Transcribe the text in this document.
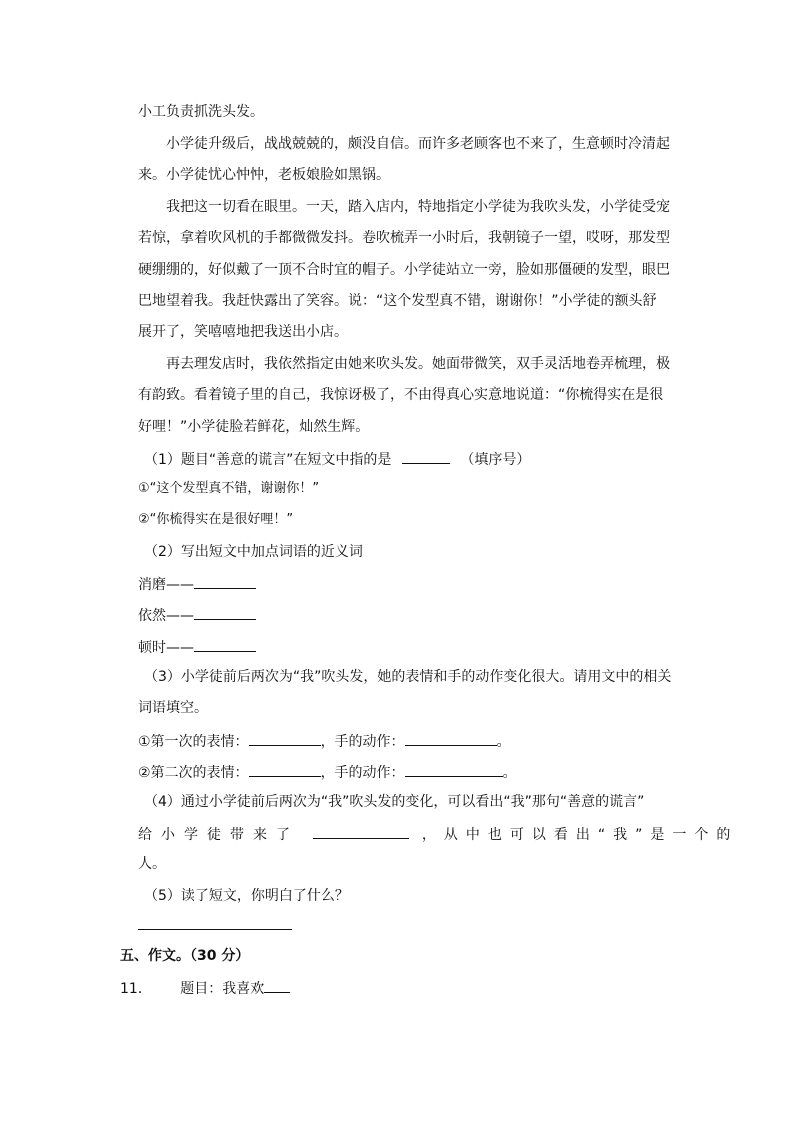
小工负责抓洗头发。
小学徒升级后，战战兢兢的，颇没自信。而许多老顾客也不来了，生意顿时冷清起
来。小学徒忧心忡忡，老板娘脸如黑锅。
我把这一切看在眼里。一天，踏入店内，特地指定小学徒为我吹头发，小学徒受宠
若惊，拿着吹风机的手都微微发抖。卷吹梳弄一小时后，我朝镜子一望，哎呀，那发型
硬绷绷的，好似戴了一顶不合时宜的帽子。小学徒站立一旁，脸如那僵硬的发型，眼巴
巴地望着我。我赶快露出了笑容。说：“这个发型真不错，谢谢你！”小学徒的额头舒
展开了，笑嘻嘻地把我送出小店。
再去理发店时，我依然指定由她来吹头发。她面带微笑，双手灵活地卷弄梳理，极
有韵致。看着镜子里的自己，我惊讶极了，不由得真心实意地说道：“你梳得实在是很
好哩！”小学徒脸若鲜花，灿然生辉。
（1）题目“善意的谎言”在短文中指的是	（填序号）
①“这个发型真不错，谢谢你！”
②“你梳得实在是很好哩！”
（2）写出短文中加点词语的近义词
消磨——
依然——
顿时——
（3）小学徒前后两次为“我”吹头发，她的表情和手的动作变化很大。请用文中的相关
词语填空。
①第一次的表情：	，手的动作：	。
②第二次的表情：	，手的动作：	。
（4）通过小学徒前后两次为“我”吹头发的变化，可以看出“我”那句“善意的谎言”
给小学徒带来了	，从中也可以看出“我”是一个的
人。
（5）读了短文，你明白了什么？
五、作文。（30 分）
11． 题目：我喜欢
